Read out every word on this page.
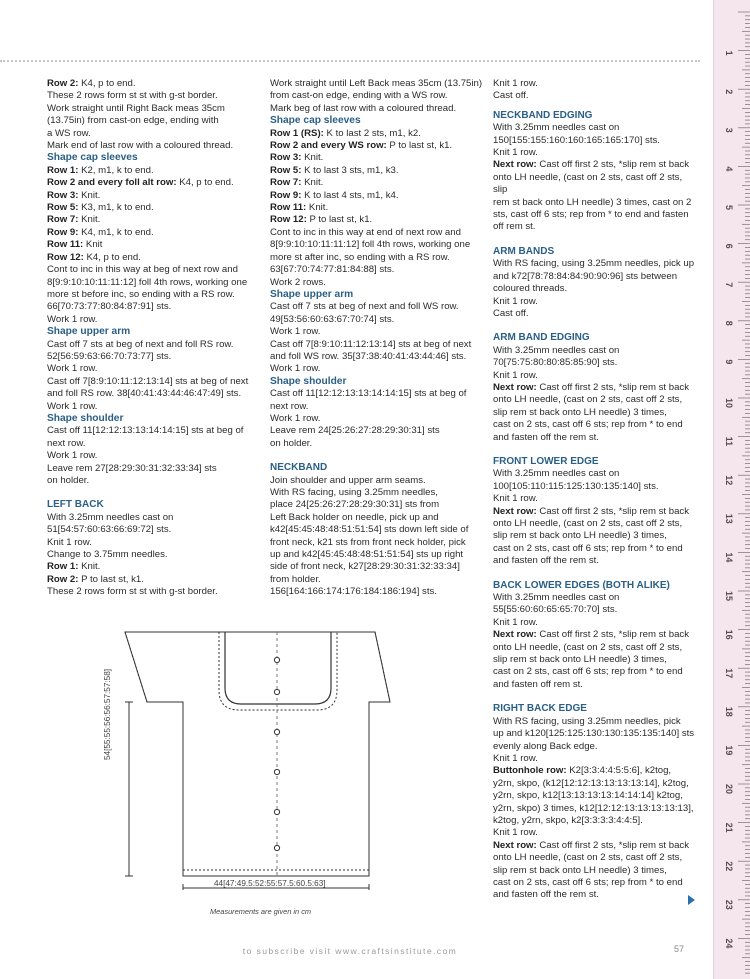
Row 2: K4, p to end.
These 2 rows form st st with g-st border.
Work straight until Right Back meas 35cm
(13.75in) from cast-on edge, ending with
a WS row.
Mark end of last row with a coloured thread.
Shape cap sleeves
Row 1: K2, m1, k to end.
Row 2 and every foll alt row: K4, p to end.
Row 3: Knit.
Row 5: K3, m1, k to end.
Row 7: Knit.
Row 9: K4, m1, k to end.
Row 11: Knit
Row 12: K4, p to end.
Cont to inc in this way at beg of next row and
8[9:9:10:10:11:11:12] foll 4th rows, working one
more st before inc, so ending with a RS row.
66[70:73:77:80:84:87:91] sts.
Work 1 row.
Shape upper arm
Cast off 7 sts at beg of next and foll RS row.
52[56:59:63:66:70:73:77] sts.
Work 1 row.
Cast off 7[8:9:10:11:12:13:14] sts at beg of next
and foll RS row. 38[40:41:43:44:46:47:49] sts.
Work 1 row.
Shape shoulder
Cast off 11[12:12:13:13:14:14:15] sts at beg of
next row.
Work 1 row.
Leave rem 27[28:29:30:31:32:33:34] sts
on holder.
LEFT BACK
With 3.25mm needles cast on
51[54:57:60:63:66:69:72] sts.
Knit 1 row.
Change to 3.75mm needles.
Row 1: Knit.
Row 2: P to last st, k1.
These 2 rows form st st with g-st border.
Work straight until Left Back meas 35cm (13.75in)
from cast-on edge, ending with a WS row.
Mark beg of last row with a coloured thread.
Shape cap sleeves
Row 1 (RS): K to last 2 sts, m1, k2.
Row 2 and every WS row: P to last st, k1.
Row 3: Knit.
Row 5: K to last 3 sts, m1, k3.
Row 7: Knit.
Row 9: K to last 4 sts, m1, k4.
Row 11: Knit.
Row 12: P to last st, k1.
Cont to inc in this way at end of next row and
8[9:9:10:10:11:11:12] foll 4th rows, working one
more st after inc, so ending with a RS row.
63[67:70:74:77:81:84:88] sts.
Work 2 rows.
Shape upper arm
Cast off 7 sts at beg of next and foll WS row.
49[53:56:60:63:67:70:74] sts.
Work 1 row.
Cast off 7[8:9:10:11:12:13:14] sts at beg of next
and foll WS row. 35[37:38:40:41:43:44:46] sts.
Work 1 row.
Shape shoulder
Cast off 11[12:12:13:13:14:14:15] sts at beg of
next row.
Work 1 row.
Leave rem 24[25:26:27:28:29:30:31] sts
on holder.
NECKBAND
Join shoulder and upper arm seams.
With RS facing, using 3.25mm needles,
place 24[25:26:27:28:29:30:31] sts from
Left Back holder on needle, pick up and
k42[45:45:48:48:51:51:54] sts down left side of
front neck, k21 sts from front neck holder, pick
up and k42[45:45:48:48:51:51:54] sts up right
side of front neck, k27[28:29:30:31:32:33:34]
from holder.
156[164:166:174:176:184:186:194] sts.
Knit 1 row.
Cast off.
NECKBAND EDGING
With 3.25mm needles cast on
150[155:155:160:160:165:165:170] sts.
Knit 1 row.
Next row: Cast off first 2 sts, *slip rem st back
onto LH needle, (cast on 2 sts, cast off 2 sts, slip
rem st back onto LH needle) 3 times, cast on 2
sts, cast off 6 sts; rep from * to end and fasten
off rem st.
ARM BANDS
With RS facing, using 3.25mm needles, pick up
and k72[78:78:84:84:90:90:96] sts between
coloured threads.
Knit 1 row.
Cast off.
ARM BAND EDGING
With 3.25mm needles cast on
70[75:75:80:80:85:85:90] sts.
Knit 1 row.
Next row: Cast off first 2 sts, *slip rem st back
onto LH needle, (cast on 2 sts, cast off 2 sts,
slip rem st back onto LH needle) 3 times,
cast on 2 sts, cast off 6 sts; rep from * to end
and fasten off the rem st.
FRONT LOWER EDGE
With 3.25mm needles cast on
100[105:110:115:125:130:135:140] sts.
Knit 1 row.
Next row: Cast off first 2 sts, *slip rem st back
onto LH needle, (cast on 2 sts, cast off 2 sts,
slip rem st back onto LH needle) 3 times,
cast on 2 sts, cast off 6 sts; rep from * to end
and fasten off the rem st.
BACK LOWER EDGES (BOTH ALIKE)
With 3.25mm needles cast on
55[55:60:60:65:65:70:70] sts.
Knit 1 row.
Next row: Cast off first 2 sts, *slip rem st back
onto LH needle, (cast on 2 sts, cast off 2 sts,
slip rem st back onto LH needle) 3 times,
cast on 2 sts, cast off 6 sts; rep from * to end
and fasten off rem st.
RIGHT BACK EDGE
With RS facing, using 3.25mm needles, pick
up and k120[125:125:130:130:135:135:140] sts
evenly along Back edge.
Knit 1 row.
Buttonhole row: K2[3:3:4:4:5:5:6], k2tog,
y2rn, skpo, (k12[12:12:13:13:13:13:14], k2tog,
y2rn, skpo, k12[13:13:13:13:14:14:14] k2tog,
y2rn, skpo) 3 times, k12[12:12:13:13:13:13:13],
k2tog, y2rn, skpo, k2[3:3:3:3:4:4:5].
Knit 1 row.
Next row: Cast off first 2 sts, *slip rem st back
onto LH needle, (cast on 2 sts, cast off 2 sts,
slip rem st back onto LH needle) 3 times,
cast on 2 sts, cast off 6 sts; rep from * to end
and fasten off the rem st.
54[55:55:56:56:57:57:58]
44[47:49.5:52:55:57.5:60.5:63]
Measurements are given in cm
to subscribe visit www.craftsinstitute.com	57
1
2
3
4
5
6
7
8
9
10
11
12
13
14
15
16
17
18
19
20
21
22
23
24
